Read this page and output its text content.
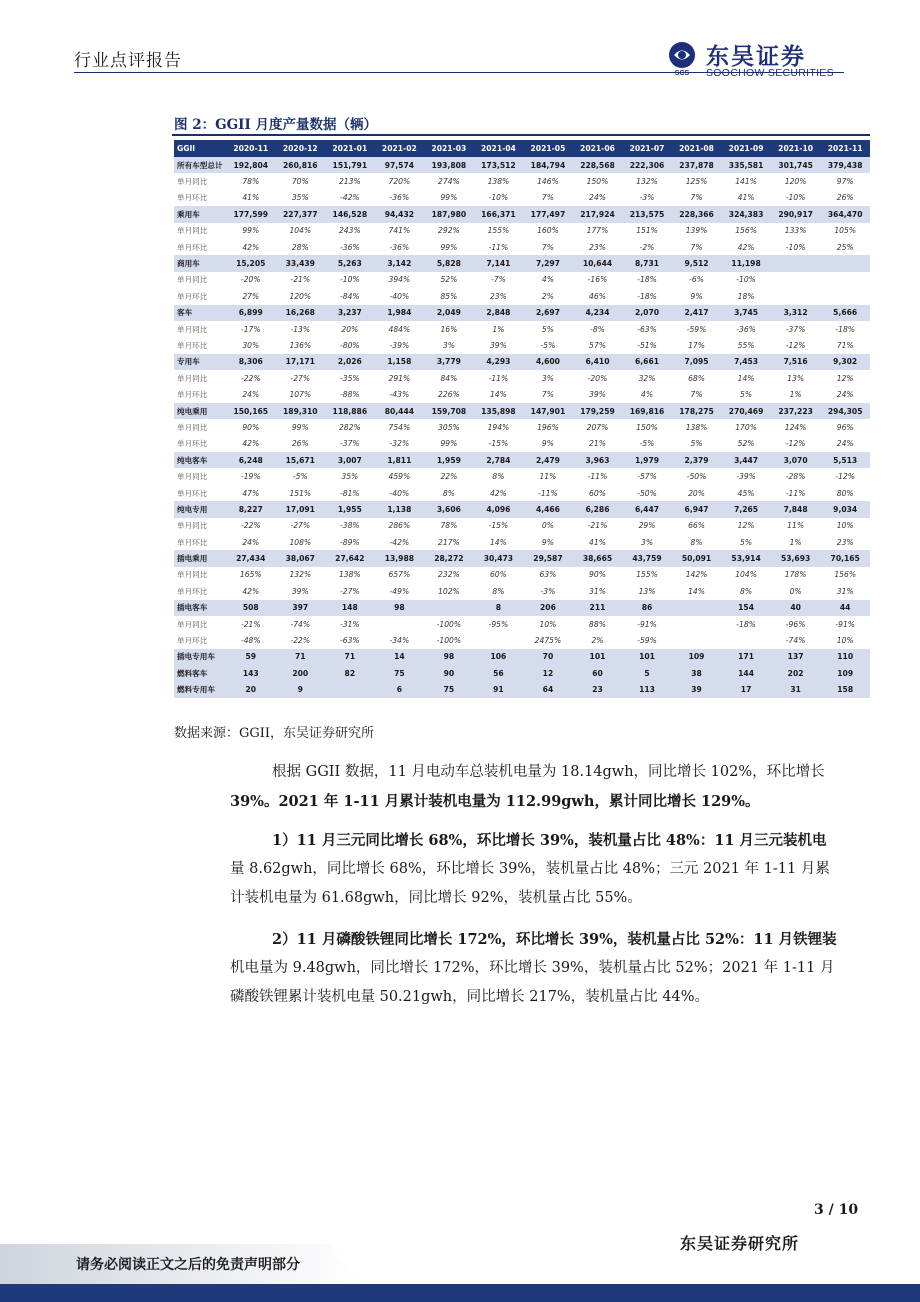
行业点评报告
SCS
东吴证券
SOOCHOW SECURITIES
图 2：GGII 月度产量数据（辆）
GGII	2020-11	2020-12	2021-01	2021-02	2021-03	2021-04	2021-05	2021-06	2021-07	2021-08	2021-09	2021-10	2021-11
所有车型总计	192,804	260,816	151,791	97,574	193,808	173,512	184,794	228,568	222,306	237,878	335,581	301,745	379,438
单月同比	78%	70%	213%	720%	274%	138%	146%	150%	132%	125%	141%	120%	97%
单月环比	41%	35%	-42%	-36%	99%	-10%	7%	24%	-3%	7%	41%	-10%	26%
乘用车	177,599	227,377	146,528	94,432	187,980	166,371	177,497	217,924	213,575	228,366	324,383	290,917	364,470
单月同比	99%	104%	243%	741%	292%	155%	160%	177%	151%	139%	156%	133%	105%
单月环比	42%	28%	-36%	-36%	99%	-11%	7%	23%	-2%	7%	42%	-10%	25%
商用车	15,205	33,439	5,263	3,142	5,828	7,141	7,297	10,644	8,731	9,512	11,198		
单月同比	-20%	-21%	-10%	394%	52%	-7%	4%	-16%	-18%	-6%	-10%		
单月环比	27%	120%	-84%	-40%	85%	23%	2%	46%	-18%	9%	18%		
客车	6,899	16,268	3,237	1,984	2,049	2,848	2,697	4,234	2,070	2,417	3,745	3,312	5,666
单月同比	-17%	-13%	20%	484%	16%	1%	5%	-8%	-63%	-59%	-36%	-37%	-18%
单月环比	30%	136%	-80%	-39%	3%	39%	-5%	57%	-51%	17%	55%	-12%	71%
专用车	8,306	17,171	2,026	1,158	3,779	4,293	4,600	6,410	6,661	7,095	7,453	7,516	9,302
单月同比	-22%	-27%	-35%	291%	84%	-11%	3%	-20%	32%	68%	14%	13%	12%
单月环比	24%	107%	-88%	-43%	226%	14%	7%	39%	4%	7%	5%	1%	24%
纯电乘用	150,165	189,310	118,886	80,444	159,708	135,898	147,901	179,259	169,816	178,275	270,469	237,223	294,305
单月同比	90%	99%	282%	754%	305%	194%	196%	207%	150%	138%	170%	124%	96%
单月环比	42%	26%	-37%	-32%	99%	-15%	9%	21%	-5%	5%	52%	-12%	24%
纯电客车	6,248	15,671	3,007	1,811	1,959	2,784	2,479	3,963	1,979	2,379	3,447	3,070	5,513
单月同比	-19%	-5%	35%	459%	22%	8%	11%	-11%	-57%	-50%	-39%	-28%	-12%
单月环比	47%	151%	-81%	-40%	8%	42%	-11%	60%	-50%	20%	45%	-11%	80%
纯电专用	8,227	17,091	1,955	1,138	3,606	4,096	4,466	6,286	6,447	6,947	7,265	7,848	9,034
单月同比	-22%	-27%	-38%	286%	78%	-15%	0%	-21%	29%	66%	12%	11%	10%
单月环比	24%	108%	-89%	-42%	217%	14%	9%	41%	3%	8%	5%	1%	23%
插电乘用	27,434	38,067	27,642	13,988	28,272	30,473	29,587	38,665	43,759	50,091	53,914	53,693	70,165
单月同比	165%	132%	138%	657%	232%	60%	63%	90%	155%	142%	104%	178%	156%
单月环比	42%	39%	-27%	-49%	102%	8%	-3%	31%	13%	14%	8%	0%	31%
插电客车	508	397	148	98		8	206	211	86		154	40	44
单月同比	-21%	-74%	-31%		-100%	-95%	10%	88%	-91%		-18%	-96%	-91%
单月环比	-48%	-22%	-63%	-34%	-100%		2475%	2%	-59%			-74%	10%
插电专用车	59	71	71	14	98	106	70	101	101	109	171	137	110
燃料客车	143	200	82	75	90	56	12	60	5	38	144	202	109
燃料专用车	20	9		6	75	91	64	23	113	39	17	31	158
数据来源：GGII，东吴证券研究所
根据 GGII 数据，11 月电动车总装机电量为 18.14gwh，同比增长 102%，环比增长
39%。2021 年 1-11 月累计装机电量为 112.99gwh，累计同比增长 129%。
1）11 月三元同比增长 68%，环比增长 39%，装机量占比 48%：11 月三元装机电
量 8.62gwh，同比增长 68%，环比增长 39%，装机量占比 48%；三元 2021 年 1-11 月累
计装机电量为 61.68gwh，同比增长 92%，装机量占比 55%。
2）11 月磷酸铁锂同比增长 172%，环比增长 39%，装机量占比 52%：11 月铁锂装
机电量为 9.48gwh，同比增长 172%，环比增长 39%，装机量占比 52%；2021 年 1-11 月
磷酸铁锂累计装机电量 50.21gwh，同比增长 217%，装机量占比 44%。
3 / 10
请务必阅读正文之后的免责声明部分
东吴证券研究所
